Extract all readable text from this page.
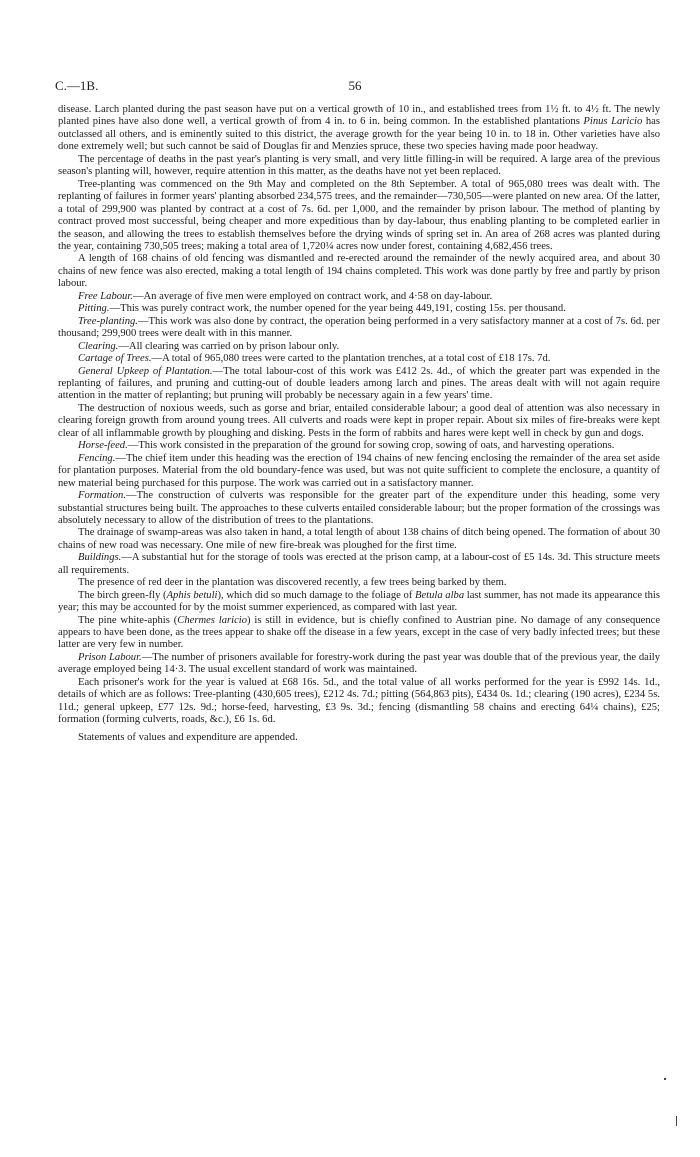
C.—1B.	56

disease. Larch planted during the past season have put on a vertical growth of 10 in., and established trees from 1½ ft. to 4½ ft. The newly planted pines have also done well, a vertical growth of from 4 in. to 6 in. being common. In the established plantations Pinus Laricio has outclassed all others, and is eminently suited to this district, the average growth for the year being 10 in. to 18 in. Other varieties have also done extremely well; but such cannot be said of Douglas fir and Menzies spruce, these two species having made poor headway.

The percentage of deaths in the past year's planting is very small, and very little filling-in will be required. A large area of the previous season's planting will, however, require attention in this matter, as the deaths have not yet been replaced.

Tree-planting was commenced on the 9th May and completed on the 8th September. A total of 965,080 trees was dealt with. The replanting of failures in former years' planting absorbed 234,575 trees, and the remainder—730,505—were planted on new area. Of the latter, a total of 299,900 was planted by contract at a cost of 7s. 6d. per 1,000, and the remainder by prison labour. The method of planting by contract proved most successful, being cheaper and more expeditious than by day-labour, thus enabling planting to be completed earlier in the season, and allowing the trees to establish themselves before the drying winds of spring set in. An area of 268 acres was planted during the year, containing 730,505 trees; making a total area of 1,720¼ acres now under forest, containing 4,682,456 trees.

A length of 168 chains of old fencing was dismantled and re-erected around the remainder of the newly acquired area, and about 30 chains of new fence was also erected, making a total length of 194 chains completed. This work was done partly by free and partly by prison labour.

Free Labour.—An average of five men were employed on contract work, and 4·58 on day-labour.

Pitting.—This was purely contract work, the number opened for the year being 449,191, costing 15s. per thousand.

Tree-planting.—This work was also done by contract, the operation being performed in a very satisfactory manner at a cost of 7s. 6d. per thousand; 299,900 trees were dealt with in this manner.

Clearing.—All clearing was carried on by prison labour only.

Cartage of Trees.—A total of 965,080 trees were carted to the plantation trenches, at a total cost of £18 17s. 7d.

General Upkeep of Plantation.—The total labour-cost of this work was £412 2s. 4d., of which the greater part was expended in the replanting of failures, and pruning and cutting-out of double leaders among larch and pines. The areas dealt with will not again require attention in the matter of replanting; but pruning will probably be necessary again in a few years' time.

The destruction of noxious weeds, such as gorse and briar, entailed considerable labour; a good deal of attention was also necessary in clearing foreign growth from around young trees. All culverts and roads were kept in proper repair. About six miles of fire-breaks were kept clear of all inflammable growth by ploughing and disking. Pests in the form of rabbits and hares were kept well in check by gun and dogs.

Horse-feed.—This work consisted in the preparation of the ground for sowing crop, sowing of oats, and harvesting operations.

Fencing.—The chief item under this heading was the erection of 194 chains of new fencing enclosing the remainder of the area set aside for plantation purposes. Material from the old boundary-fence was used, but was not quite sufficient to complete the enclosure, a quantity of new material being purchased for this purpose. The work was carried out in a satisfactory manner.

Formation.—The construction of culverts was responsible for the greater part of the expenditure under this heading, some very substantial structures being built. The approaches to these culverts entailed considerable labour; but the proper formation of the crossings was absolutely necessary to allow of the distribution of trees to the plantations.

The drainage of swamp-areas was also taken in hand, a total length of about 138 chains of ditch being opened. The formation of about 30 chains of new road was necessary. One mile of new fire-break was ploughed for the first time.

Buildings.—A substantial hut for the storage of tools was erected at the prison camp, at a labour-cost of £5 14s. 3d. This structure meets all requirements.

The presence of red deer in the plantation was discovered recently, a few trees being barked by them.

The birch green-fly (Aphis betuli), which did so much damage to the foliage of Betula alba last summer, has not made its appearance this year; this may be accounted for by the moist summer experienced, as compared with last year.

The pine white-aphis (Chermes laricio) is still in evidence, but is chiefly confined to Austrian pine. No damage of any consequence appears to have been done, as the trees appear to shake off the disease in a few years, except in the case of very badly infected trees; but these latter are very few in number.

Prison Labour.—The number of prisoners available for forestry-work during the past year was double that of the previous year, the daily average employed being 14·3. The usual excellent standard of work was maintained.

Each prisoner's work for the year is valued at £68 16s. 5d., and the total value of all works performed for the year is £992 14s. 1d., details of which are as follows: Tree-planting (430,605 trees), £212 4s. 7d.; pitting (564,863 pits), £434 0s. 1d.; clearing (190 acres), £234 5s. 11d.; general upkeep, £77 12s. 9d.; horse-feed, harvesting, £3 9s. 3d.; fencing (dismantling 58 chains and erecting 64¼ chains), £25; formation (forming culverts, roads, &c.), £6 1s. 6d.

Statements of values and expenditure are appended.
